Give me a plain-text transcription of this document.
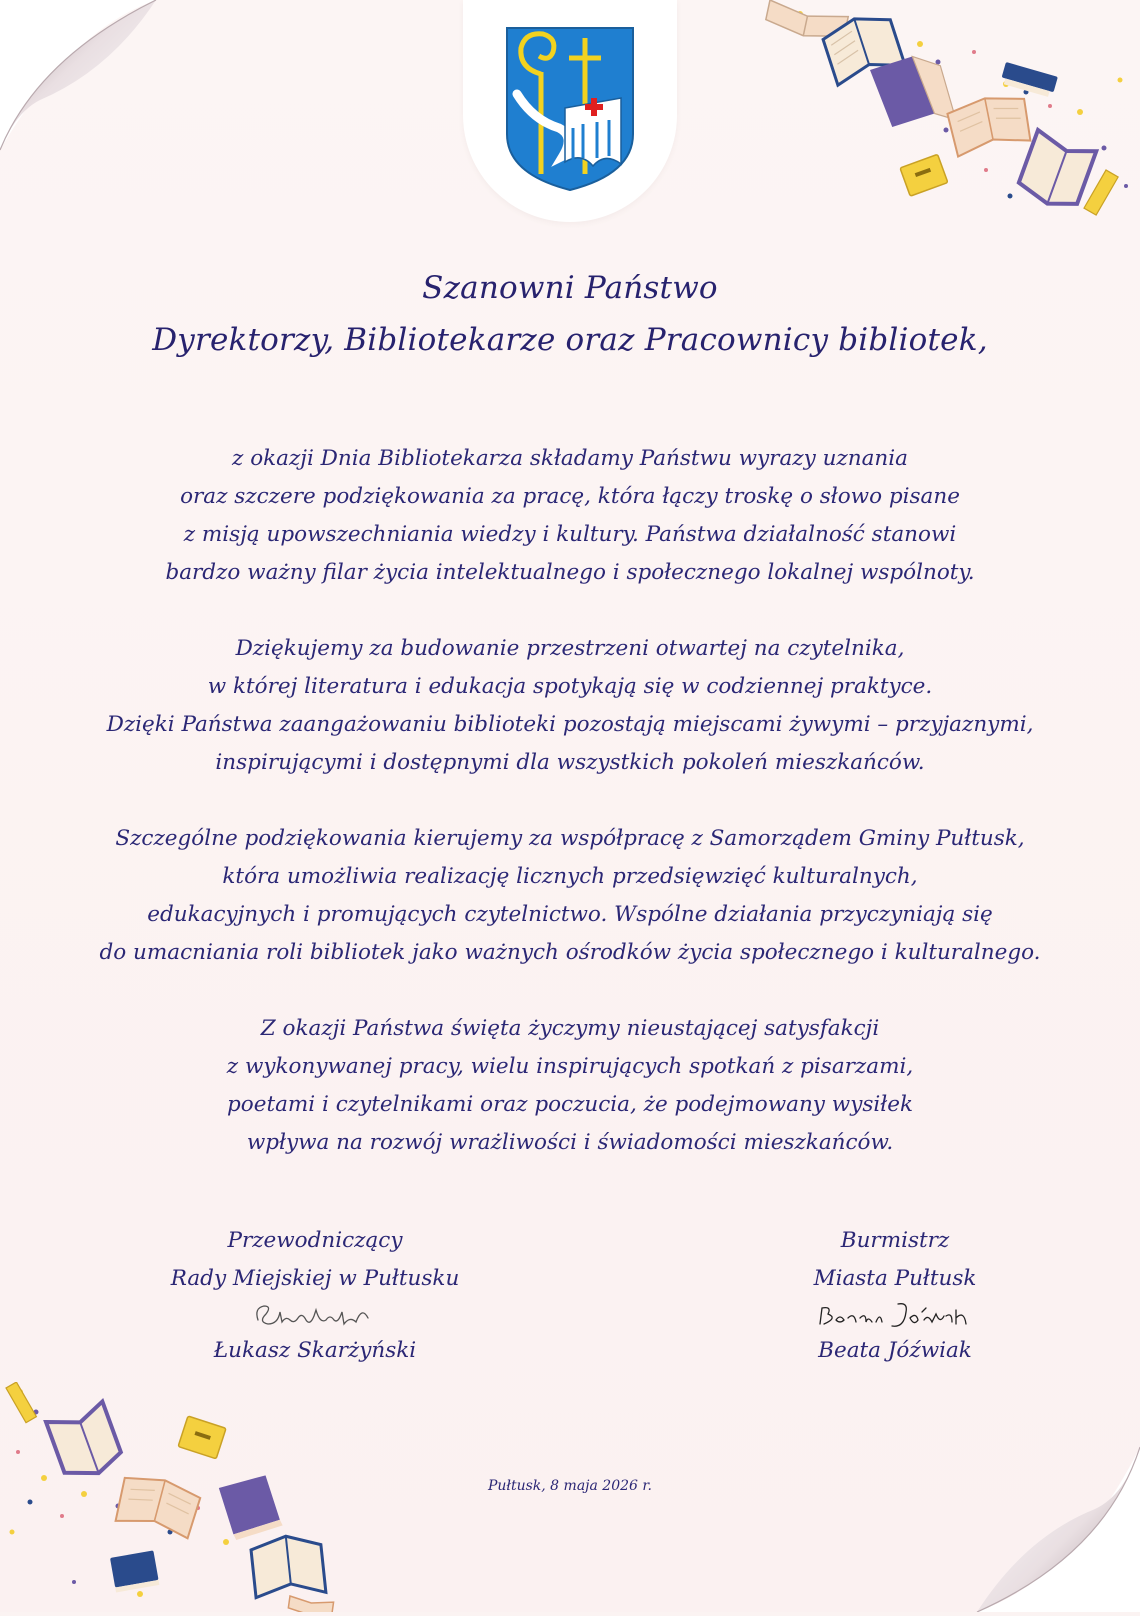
Szanowni Państwo
Dyrektorzy, Bibliotekarze oraz Pracownicy bibliotek,

z okazji Dnia Bibliotekarza składamy Państwu wyrazy uznania
oraz szczere podziękowania za pracę, która łączy troskę o słowo pisane
z misją upowszechniania wiedzy i kultury. Państwa działalność stanowi
bardzo ważny filar życia intelektualnego i społecznego lokalnej wspólnoty.

Dziękujemy za budowanie przestrzeni otwartej na czytelnika,
w której literatura i edukacja spotykają się w codziennej praktyce.
Dzięki Państwa zaangażowaniu biblioteki pozostają miejscami żywymi – przyjaznymi,
inspirującymi i dostępnymi dla wszystkich pokoleń mieszkańców.

Szczególne podziękowania kierujemy za współpracę z Samorządem Gminy Pułtusk,
która umożliwia realizację licznych przedsięwzięć kulturalnych,
edukacyjnych i promujących czytelnictwo. Wspólne działania przyczyniają się
do umacniania roli bibliotek jako ważnych ośrodków życia społecznego i kulturalnego.

Z okazji Państwa święta życzymy nieustającej satysfakcji
z wykonywanej pracy, wielu inspirujących spotkań z pisarzami,
poetami i czytelnikami oraz poczucia, że podejmowany wysiłek
wpływa na rozwój wrażliwości i świadomości mieszkańców.

Przewodniczący
Rady Miejskiej w Pułtusku
Łukasz Skarżyński
Burmistrz
Miasta Pułtusk
Beata Jóźwiak
Pułtusk, 8 maja 2026 r.
